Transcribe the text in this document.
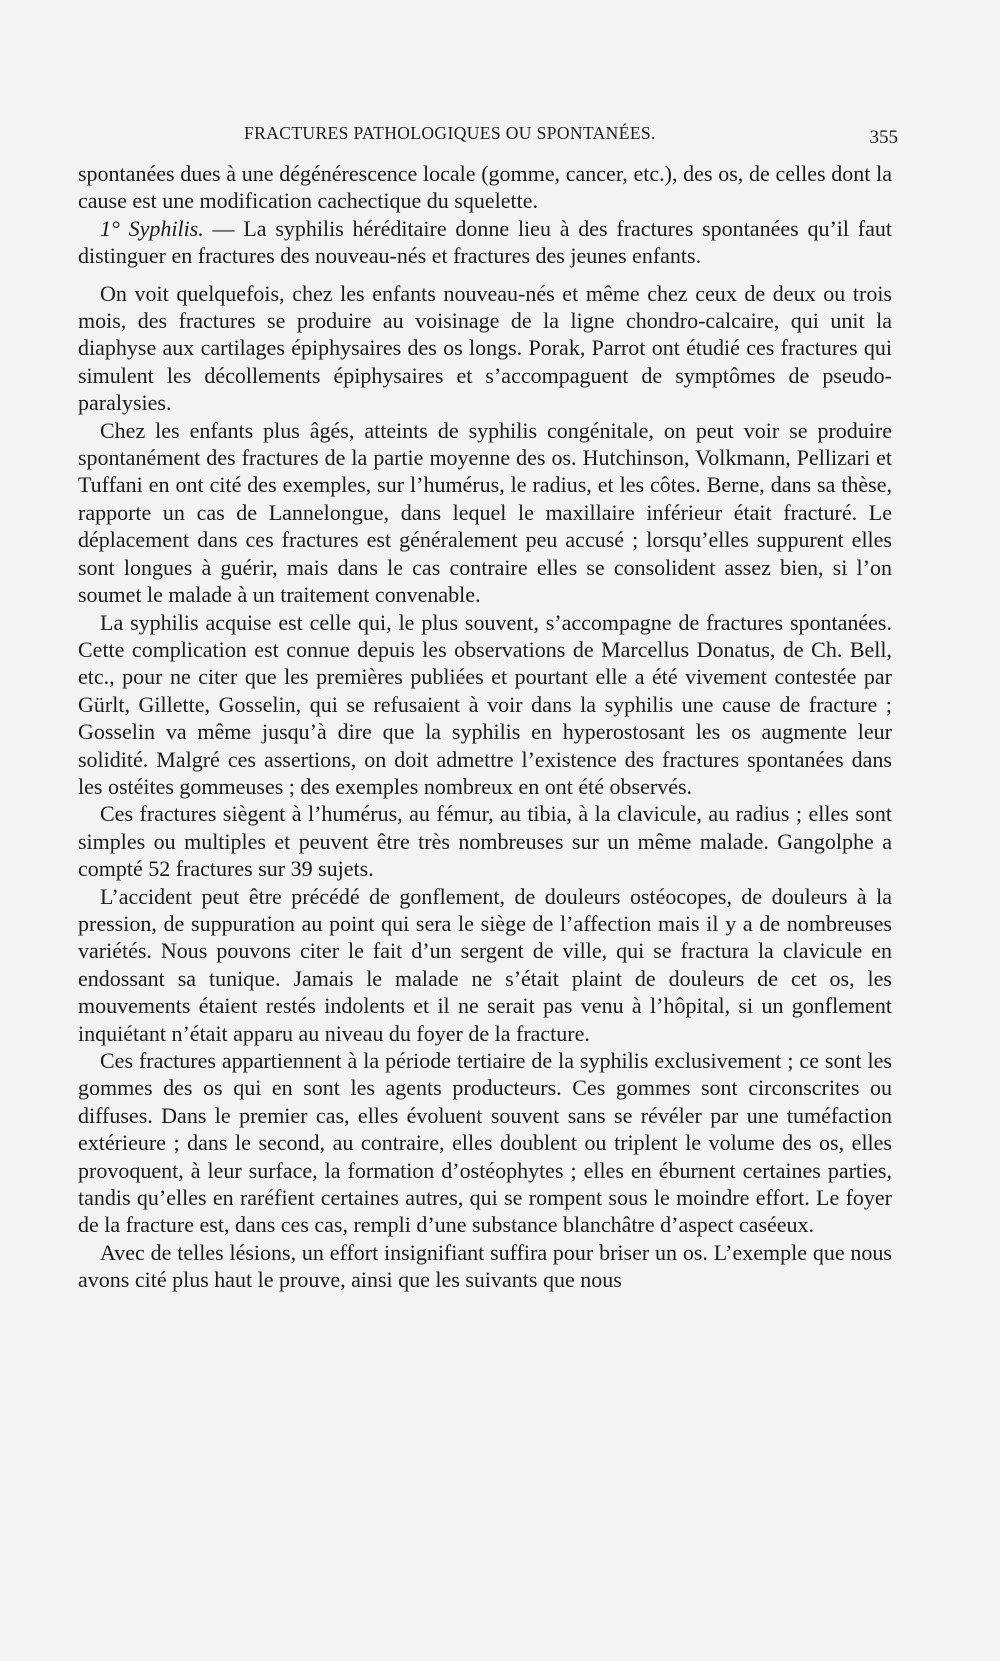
FRACTURES PATHOLOGIQUES OU SPONTANÉES.	355

spontanées dues à une dégénérescence locale (gomme, cancer, etc.), des os, de celles dont la cause est une modification cachectique du squelette.

1° Syphilis. — La syphilis héréditaire donne lieu à des fractures spontanées qu’il faut distinguer en fractures des nouveau-nés et fractures des jeunes enfants.

On voit quelquefois, chez les enfants nouveau-nés et même chez ceux de deux ou trois mois, des fractures se produire au voisinage de la ligne chondro-calcaire, qui unit la diaphyse aux cartilages épiphysaires des os longs. Porak, Parrot ont étudié ces fractures qui simulent les décollements épiphysaires et s’accompaguent de symptômes de pseudo-paralysies.

Chez les enfants plus âgés, atteints de syphilis congénitale, on peut voir se produire spontanément des fractures de la partie moyenne des os. Hutchinson, Volkmann, Pellizari et Tuffani en ont cité des exemples, sur l’humérus, le radius, et les côtes. Berne, dans sa thèse, rapporte un cas de Lannelongue, dans lequel le maxillaire inférieur était fracturé. Le déplacement dans ces fractures est généralement peu accusé ; lorsqu’elles suppurent elles sont longues à guérir, mais dans le cas contraire elles se consolident assez bien, si l’on soumet le malade à un traitement convenable.

La syphilis acquise est celle qui, le plus souvent, s’accompagne de fractures spontanées. Cette complication est connue depuis les observations de Marcellus Donatus, de Ch. Bell, etc., pour ne citer que les premières publiées et pourtant elle a été vivement contestée par Gürlt, Gillette, Gosselin, qui se refusaient à voir dans la syphilis une cause de fracture ; Gosselin va même jusqu’à dire que la syphilis en hyperostosant les os augmente leur solidité. Malgré ces assertions, on doit admettre l’existence des fractures spontanées dans les ostéites gommeuses ; des exemples nombreux en ont été observés.

Ces fractures siègent à l’humérus, au fémur, au tibia, à la clavicule, au radius ; elles sont simples ou multiples et peuvent être très nombreuses sur un même malade. Gangolphe a compté 52 fractures sur 39 sujets.

L’accident peut être précédé de gonflement, de douleurs ostéocopes, de douleurs à la pression, de suppuration au point qui sera le siège de l’affection mais il y a de nombreuses variétés. Nous pouvons citer le fait d’un sergent de ville, qui se fractura la clavicule en endossant sa tunique. Jamais le malade ne s’était plaint de douleurs de cet os, les mouvements étaient restés indolents et il ne serait pas venu à l’hôpital, si un gonflement inquiétant n’était apparu au niveau du foyer de la fracture.

Ces fractures appartiennent à la période tertiaire de la syphilis exclusivement ; ce sont les gommes des os qui en sont les agents producteurs. Ces gommes sont circonscrites ou diffuses. Dans le premier cas, elles évoluent souvent sans se révéler par une tuméfaction extérieure ; dans le second, au contraire, elles doublent ou triplent le volume des os, elles provoquent, à leur surface, la formation d’ostéophytes ; elles en éburnent certaines parties, tandis qu’elles en raréfient certaines autres, qui se rompent sous le moindre effort. Le foyer de la fracture est, dans ces cas, rempli d’une substance blanchâtre d’aspect caséeux.

Avec de telles lésions, un effort insignifiant suffira pour briser un os. L’exemple que nous avons cité plus haut le prouve, ainsi que les suivants que nous
